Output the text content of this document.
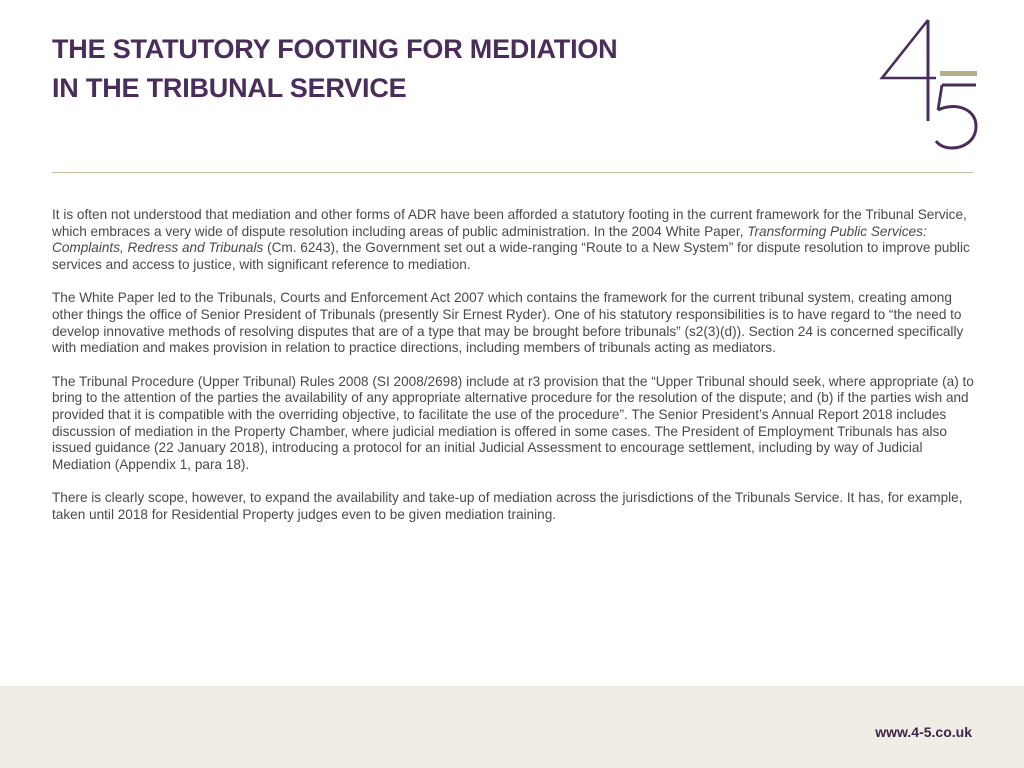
THE STATUTORY FOOTING FOR MEDIATION
IN THE TRIBUNAL SERVICE

It is often not understood that mediation and other forms of ADR have been afforded a statutory footing in the current framework for the Tribunal Service, which embraces a very wide of dispute resolution including areas of public administration. In the 2004 White Paper, Transforming Public Services: Complaints, Redress and Tribunals (Cm. 6243), the Government set out a wide-ranging “Route to a New System” for dispute resolution to improve public services and access to justice, with significant reference to mediation.

The White Paper led to the Tribunals, Courts and Enforcement Act 2007 which contains the framework for the current tribunal system, creating among other things the office of Senior President of Tribunals (presently Sir Ernest Ryder). One of his statutory responsibilities is to have regard to “the need to develop innovative methods of resolving disputes that are of a type that may be brought before tribunals” (s2(3)(d)). Section 24 is concerned specifically with mediation and makes provision in relation to practice directions, including members of tribunals acting as mediators.

The Tribunal Procedure (Upper Tribunal) Rules 2008 (SI 2008/2698) include at r3 provision that the “Upper Tribunal should seek, where appropriate (a) to bring to the attention of the parties the availability of any appropriate alternative procedure for the resolution of the dispute; and (b) if the parties wish and provided that it is compatible with the overriding objective, to facilitate the use of the procedure”. The Senior President’s Annual Report 2018 includes discussion of mediation in the Property Chamber, where judicial mediation is offered in some cases. The President of Employment Tribunals has also issued guidance (22 January 2018), introducing a protocol for an initial Judicial Assessment to encourage settlement, including by way of Judicial Mediation (Appendix 1, para 18).

There is clearly scope, however, to expand the availability and take-up of mediation across the jurisdictions of the Tribunals Service. It has, for example, taken until 2018 for Residential Property judges even to be given mediation training.

www.4-5.co.uk
